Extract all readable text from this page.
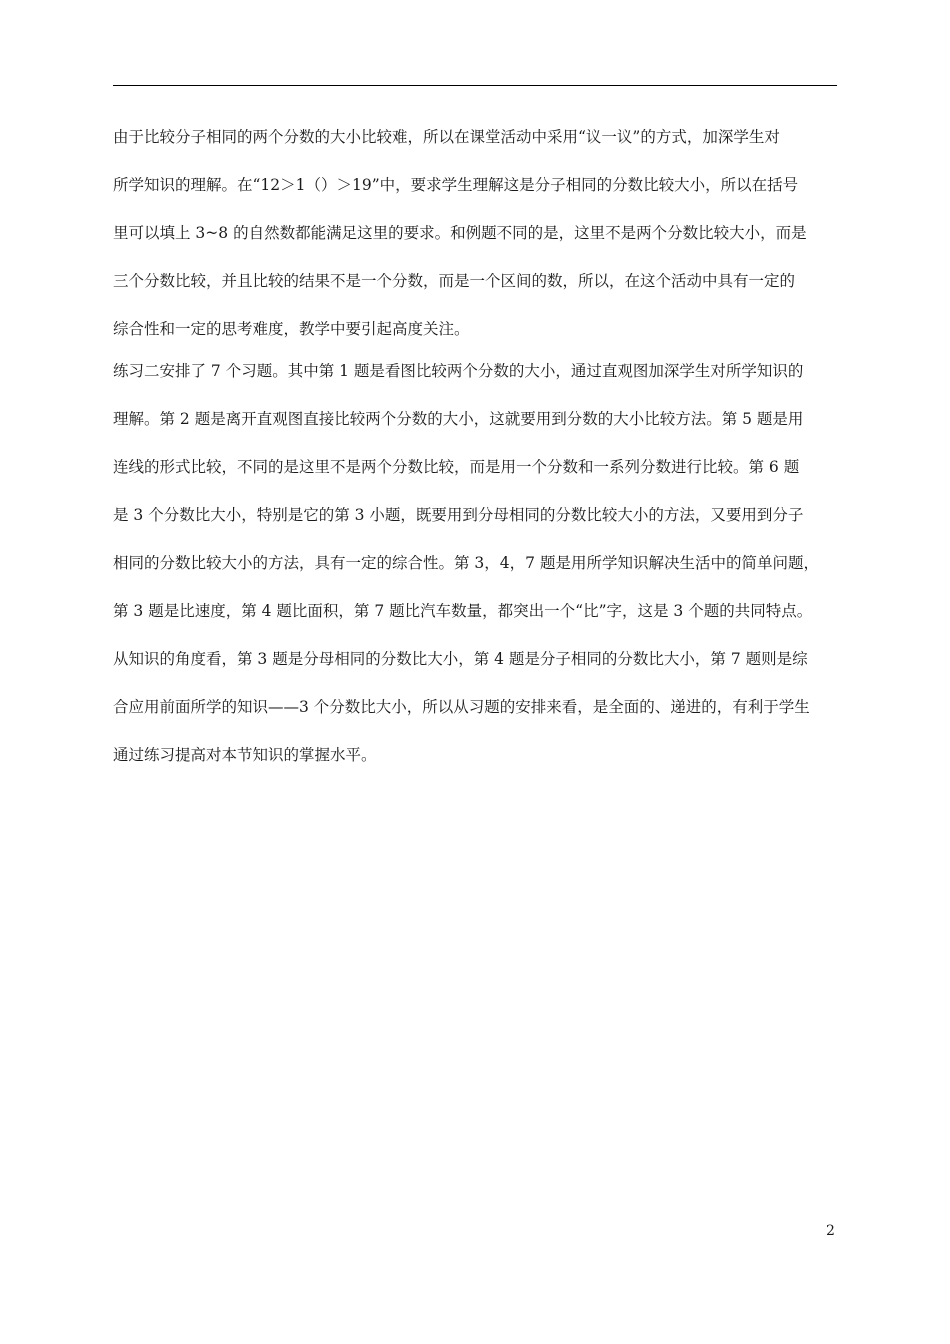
由于比较分子相同的两个分数的大小比较难，所以在课堂活动中采用“议一议”的方式，加深学生对
所学知识的理解。在“12＞1（）＞19”中，要求学生理解这是分子相同的分数比较大小，所以在括号
里可以填上 3~8 的自然数都能满足这里的要求。和例题不同的是，这里不是两个分数比较大小，而是
三个分数比较，并且比较的结果不是一个分数，而是一个区间的数，所以，在这个活动中具有一定的
综合性和一定的思考难度，教学中要引起高度关注。
练习二安排了 7 个习题。其中第 1 题是看图比较两个分数的大小，通过直观图加深学生对所学知识的
理解。第 2 题是离开直观图直接比较两个分数的大小，这就要用到分数的大小比较方法。第 5 题是用
连线的形式比较，不同的是这里不是两个分数比较，而是用一个分数和一系列分数进行比较。第 6 题
是 3 个分数比大小，特别是它的第 3 小题，既要用到分母相同的分数比较大小的方法，又要用到分子
相同的分数比较大小的方法，具有一定的综合性。第 3，4，7 题是用所学知识解决生活中的简单问题，
第 3 题是比速度，第 4 题比面积，第 7 题比汽车数量，都突出一个“比”字，这是 3 个题的共同特点。
从知识的角度看，第 3 题是分母相同的分数比大小，第 4 题是分子相同的分数比大小，第 7 题则是综
合应用前面所学的知识——3 个分数比大小，所以从习题的安排来看，是全面的、递进的，有利于学生
通过练习提高对本节知识的掌握水平。
2
